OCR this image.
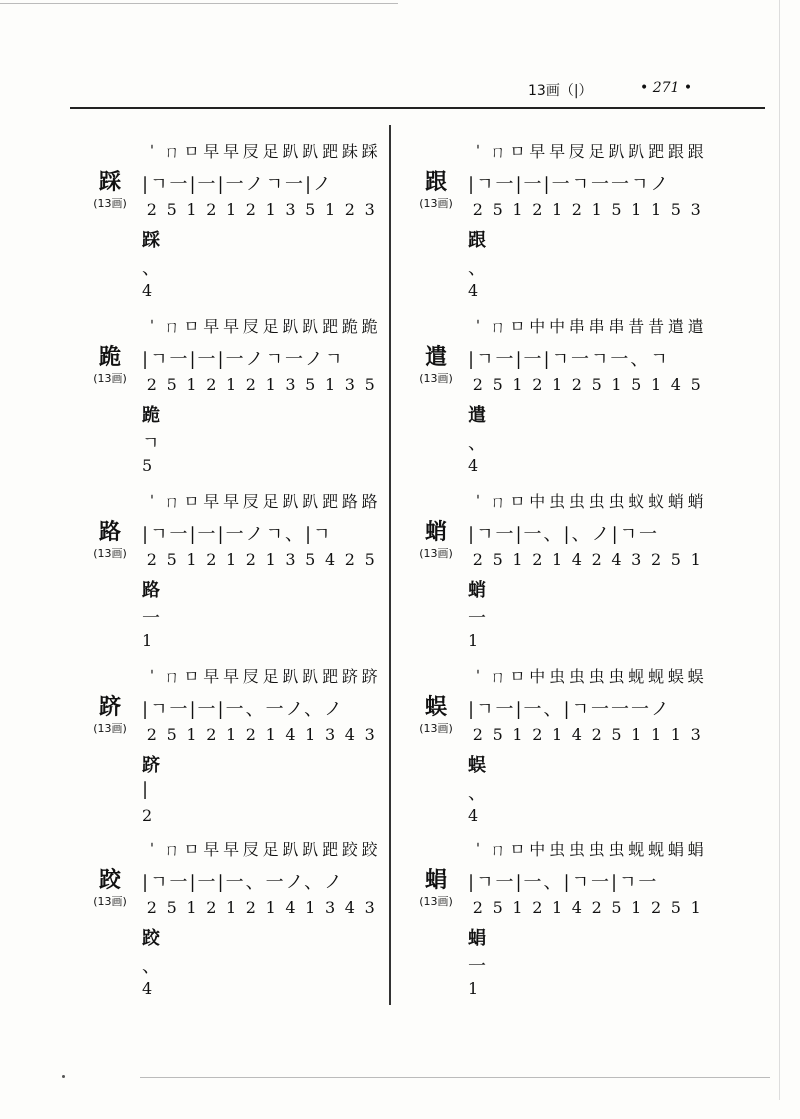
13画（|）	• 271 •
踩
(13画)
ˈ ㄇ ㅁ 早 早 㞋 足 趴 趴 跁 跊 踩
|ㄱ一|一|一ノㄱ一|ノ
2 5 1 2 1 2 1 3 5 1 2 3
踩
、
4
跪
(13画)
ˈ ㄇ ㅁ 早 早 㞋 足 趴 趴 跁 跪 跪
|ㄱ一|一|一ノㄱ一ノㄱ
2 5 1 2 1 2 1 3 5 1 3 5
跪
ㄱ
5
路
(13画)
ˈ ㄇ ㅁ 早 早 㞋 足 趴 趴 跁 路 路
|ㄱ一|一|一ノㄱ、|ㄱ
2 5 1 2 1 2 1 3 5 4 2 5
路
一
1
跻
(13画)
ˈ ㄇ ㅁ 早 早 㞋 足 趴 趴 跁 跻 跻
|ㄱ一|一|一、一ノ、ノ
2 5 1 2 1 2 1 4 1 3 4 3
跻
|
2
跤
(13画)
ˈ ㄇ ㅁ 早 早 㞋 足 趴 趴 跁 跤 跤
|ㄱ一|一|一、一ノ、ノ
2 5 1 2 1 2 1 4 1 3 4 3
跤
、
4
跟
(13画)
ˈ ㄇ ㅁ 早 早 㞋 足 趴 趴 跁 跟 跟
|ㄱ一|一|一ㄱ一一ㄱノ
2 5 1 2 1 2 1 5 1 1 5 3
跟
、
4
遣
(13画)
ˈ ㄇ ㅁ 中 中 串 串 串 昔 昔 遣 遣
|ㄱ一|一|ㄱ一ㄱ一、ㄱ
2 5 1 2 1 2 5 1 5 1 4 5
遣
、
4
蛸
(13画)
ˈ ㄇ ㅁ 中 虫 虫 虫 虫 蚁 蚁 蛸 蛸
|ㄱ一|一、|、ノ|ㄱ一
2 5 1 2 1 4 2 4 3 2 5 1
蛸
一
1
蜈
(13画)
ˈ ㄇ ㅁ 中 虫 虫 虫 虫 蚬 蚬 蜈 蜈
|ㄱ一|一、|ㄱ一一一ノ
2 5 1 2 1 4 2 5 1 1 1 3
蜈
、
4
蜎
(13画)
ˈ ㄇ ㅁ 中 虫 虫 虫 虫 蚬 蚬 蜎 蜎
|ㄱ一|一、|ㄱ一|ㄱ一
2 5 1 2 1 4 2 5 1 2 5 1
蜎
一
1
